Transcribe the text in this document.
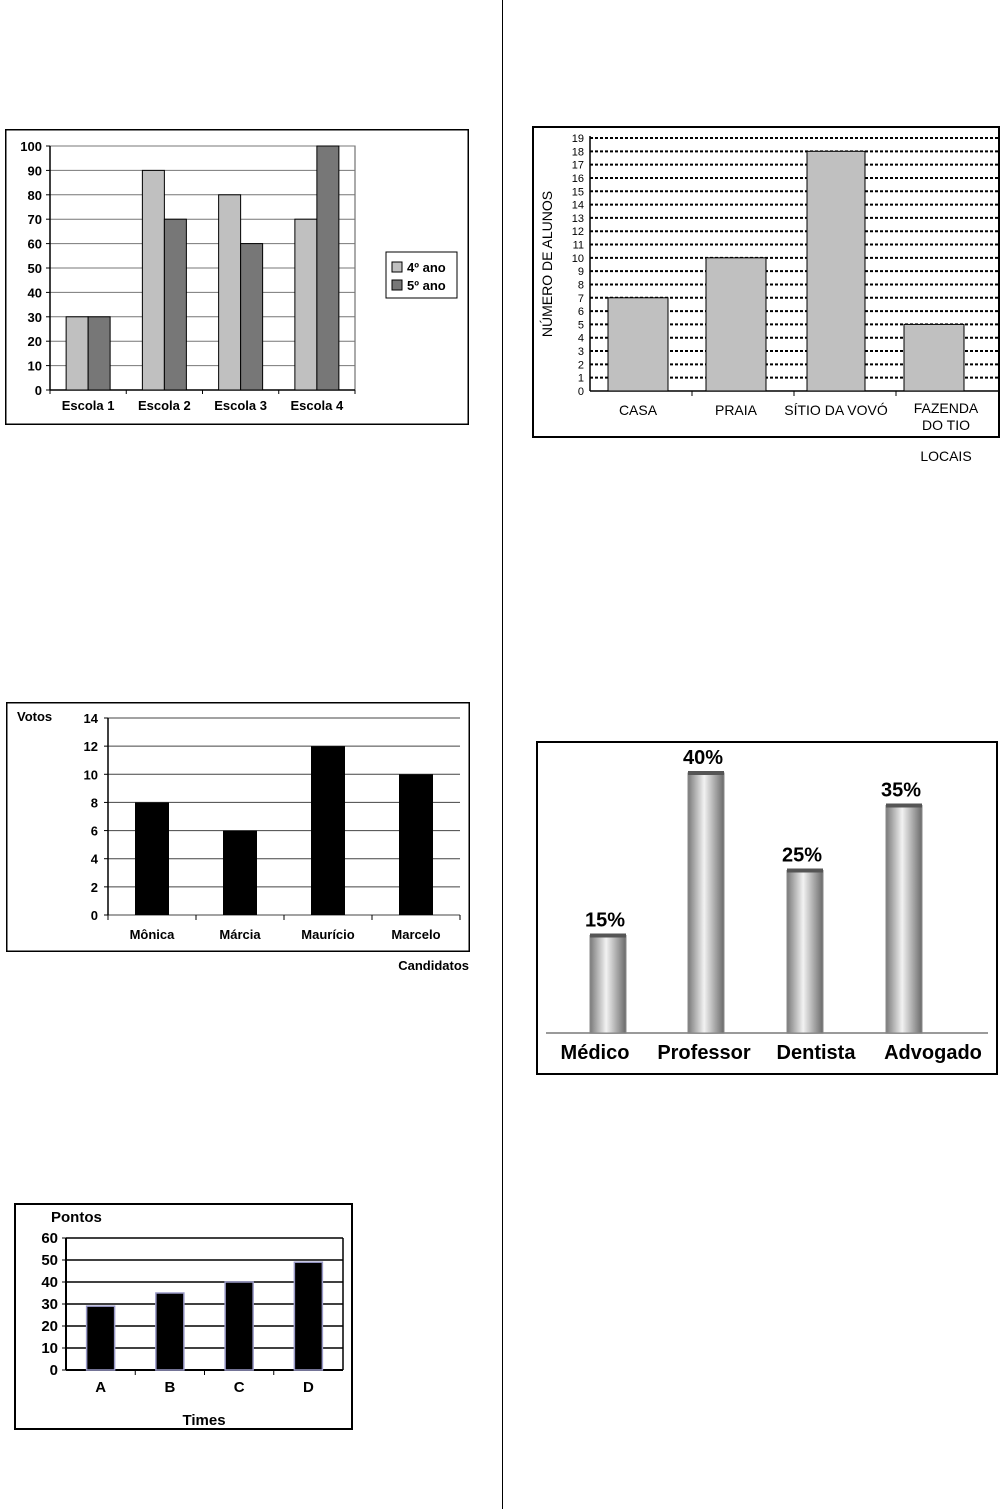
0
10
20
30
40
50
60
70
80
90
100
Escola 1 Escola 2 Escola 3 Escola 4
4º ano
5º ano
0
1
2
3
4
5
6
7
8
9
10
11
12
13
14
15
16
17
18
19
CASA	PRAIA SÍTIO DA VOVÓ FAZENDA
DO TIO
NÚMERO DE ALUNOS
LOCAIS
0
2
4
6
8
10
12
14
Mônica	Márcia	Maurício	Marcelo
Votos
Candidatos
15%
40%
25%
35%
Médico Professor Dentista Advogado
0
10
20
30
40
50
60
A	B	C	D
Pontos
Times
